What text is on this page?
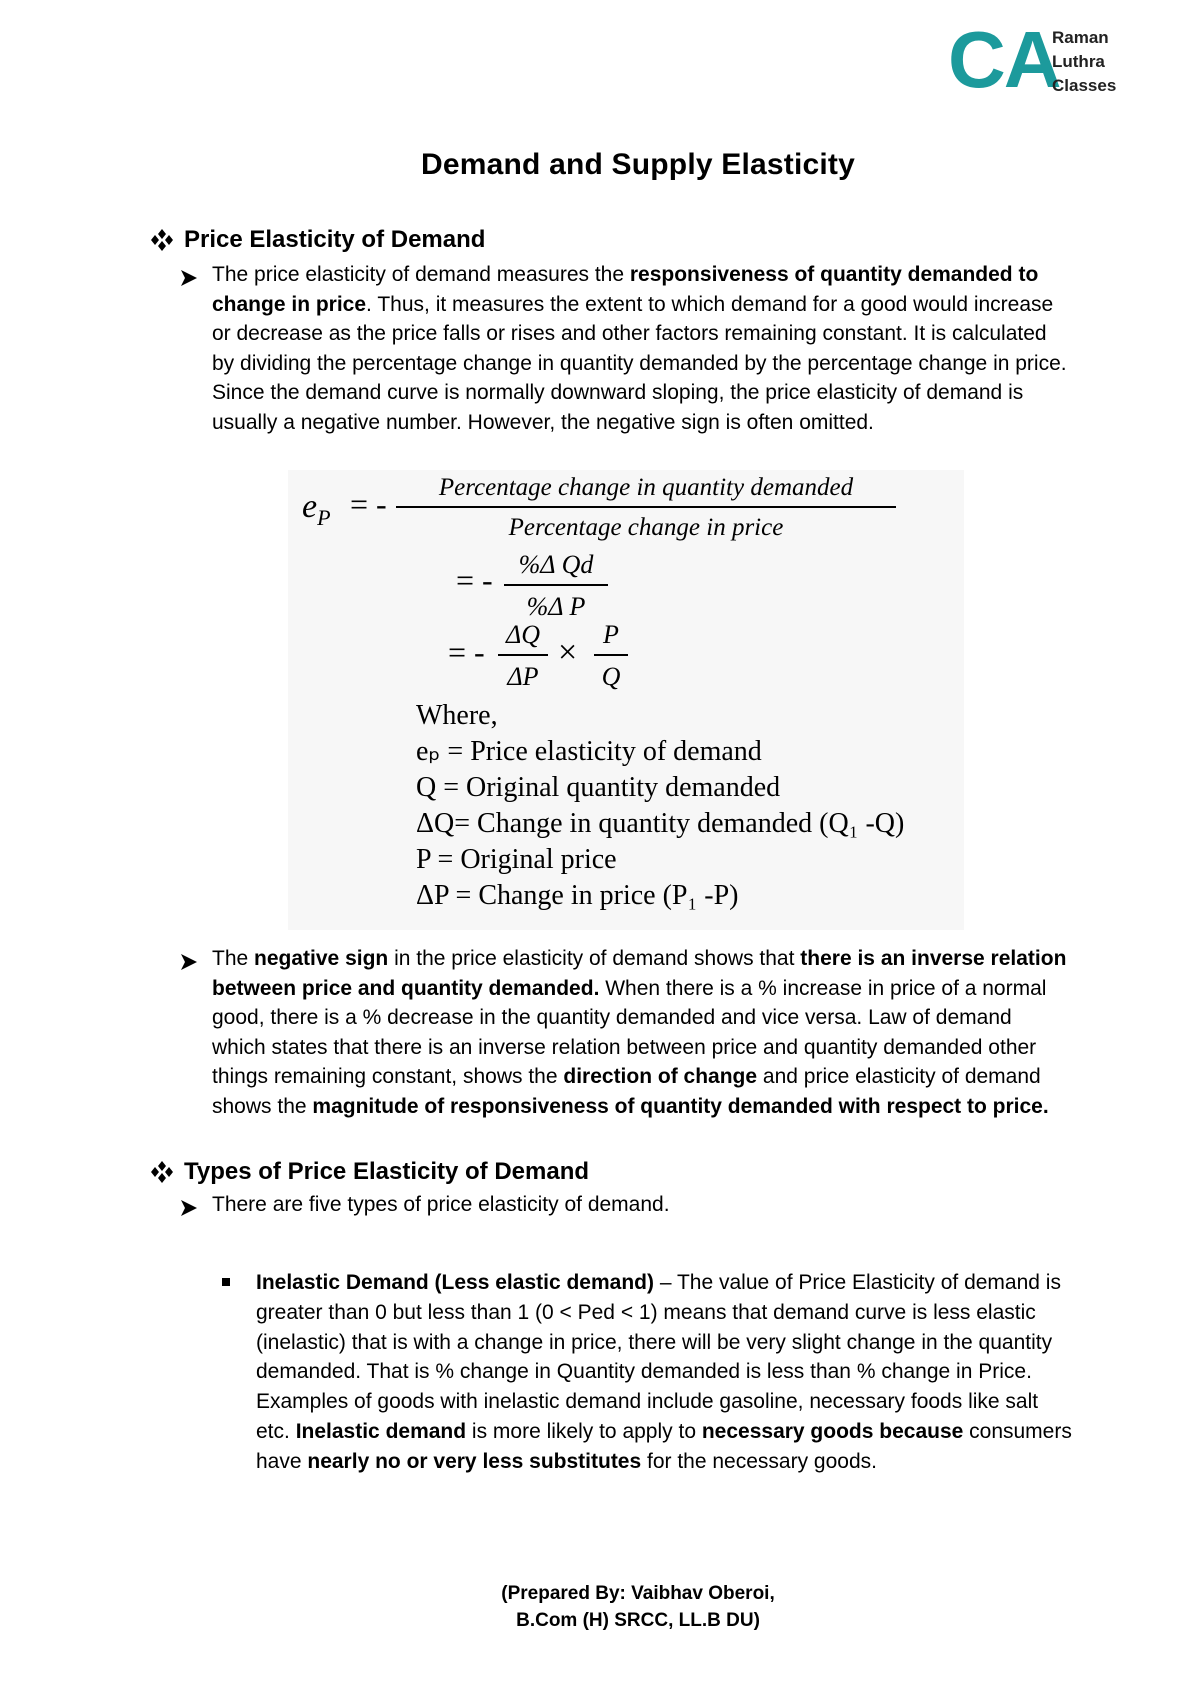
CA
Raman
Luthra
Classes
Demand and Supply Elasticity
Price Elasticity of Demand
The price elasticity of demand measures the responsiveness of quantity demanded to change in price. Thus, it measures the extent to which demand for a good would increase or decrease as the price falls or rises and other factors remaining constant. It is calculated by dividing the percentage change in quantity demanded by the percentage change in price. Since the demand curve is normally downward sloping, the price elasticity of demand is usually a negative number. However, the negative sign is often omitted.
$e_P$ = -	Percentage change in quantity demanded
Percentage change in price
= - $\frac{\text{\%Δ Qd}}{\text{\%Δ P}}$
= - $\frac{\Delta Q}{\Delta P} \times \frac{P}{Q}$
Where,
eₚ = Price elasticity of demand
Q = Original quantity demanded
ΔQ= Change in quantity demanded (Q₁ -Q)
P = Original price
ΔP = Change in price (P₁ -P)
The negative sign in the price elasticity of demand shows that there is an inverse relation between price and quantity demanded. When there is a % increase in price of a normal good, there is a % decrease in the quantity demanded and vice versa. Law of demand which states that there is an inverse relation between price and quantity demanded other things remaining constant, shows the direction of change and price elasticity of demand shows the magnitude of responsiveness of quantity demanded with respect to price.
Types of Price Elasticity of Demand
There are five types of price elasticity of demand.
Inelastic Demand (Less elastic demand) – The value of Price Elasticity of demand is greater than 0 but less than 1 (0 < Ped < 1) means that demand curve is less elastic (inelastic) that is with a change in price, there will be very slight change in the quantity demanded. That is % change in Quantity demanded is less than % change in Price. Examples of goods with inelastic demand include gasoline, necessary foods like salt etc. Inelastic demand is more likely to apply to necessary goods because consumers have nearly no or very less substitutes for the necessary goods.
(Prepared By: Vaibhav Oberoi,
B.Com (H) SRCC, LL.B DU)
